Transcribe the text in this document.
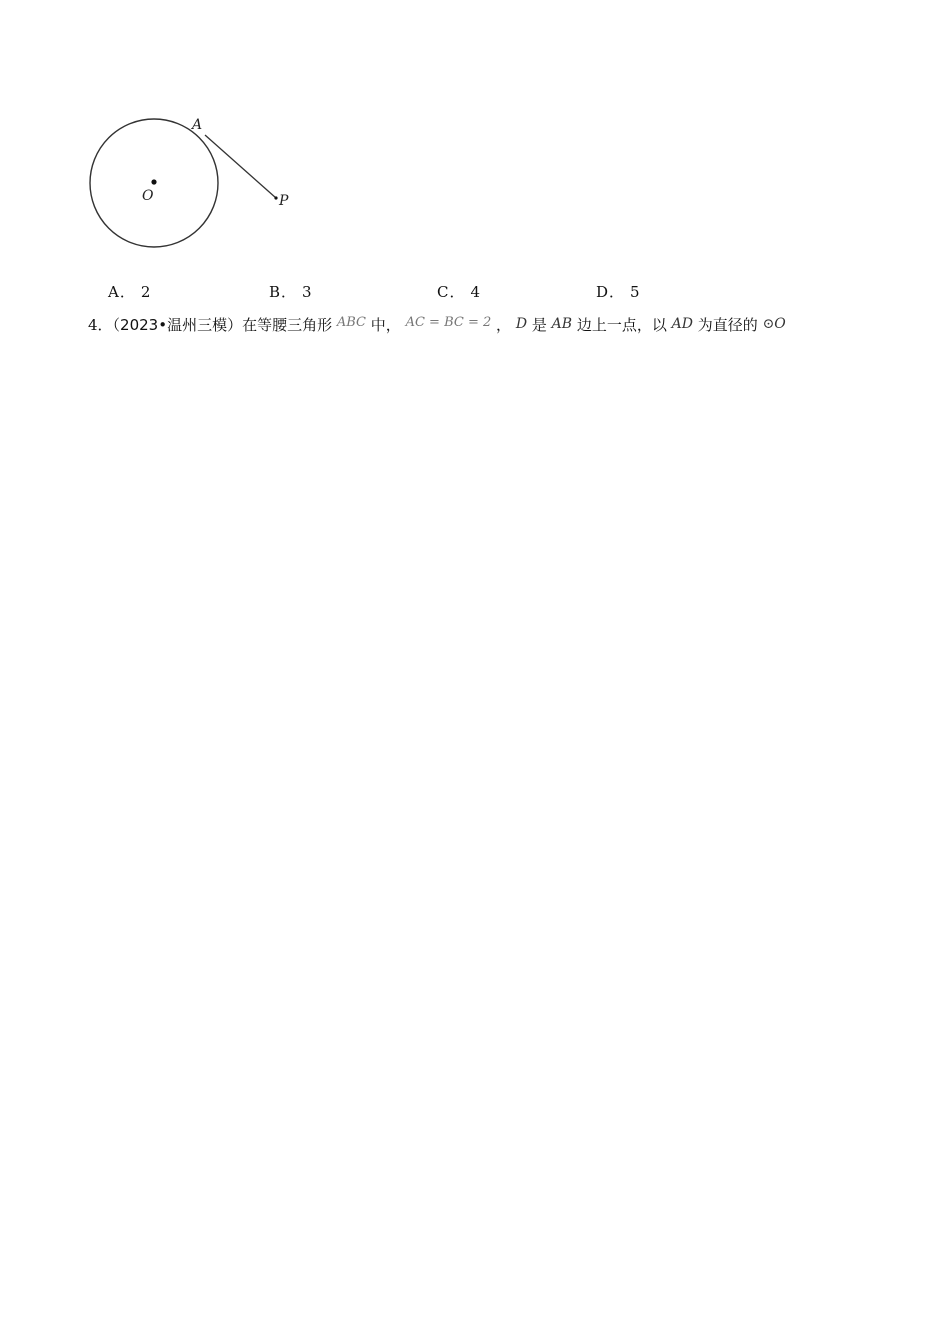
O
A
P
A． 2	B． 3	C． 4	D． 5
4．（2023•温州三模）在等腰三角形 ABC 中， AC = BC = 2 ， D 是 AB 边上一点，以 AD 为直径的 ⊙O
